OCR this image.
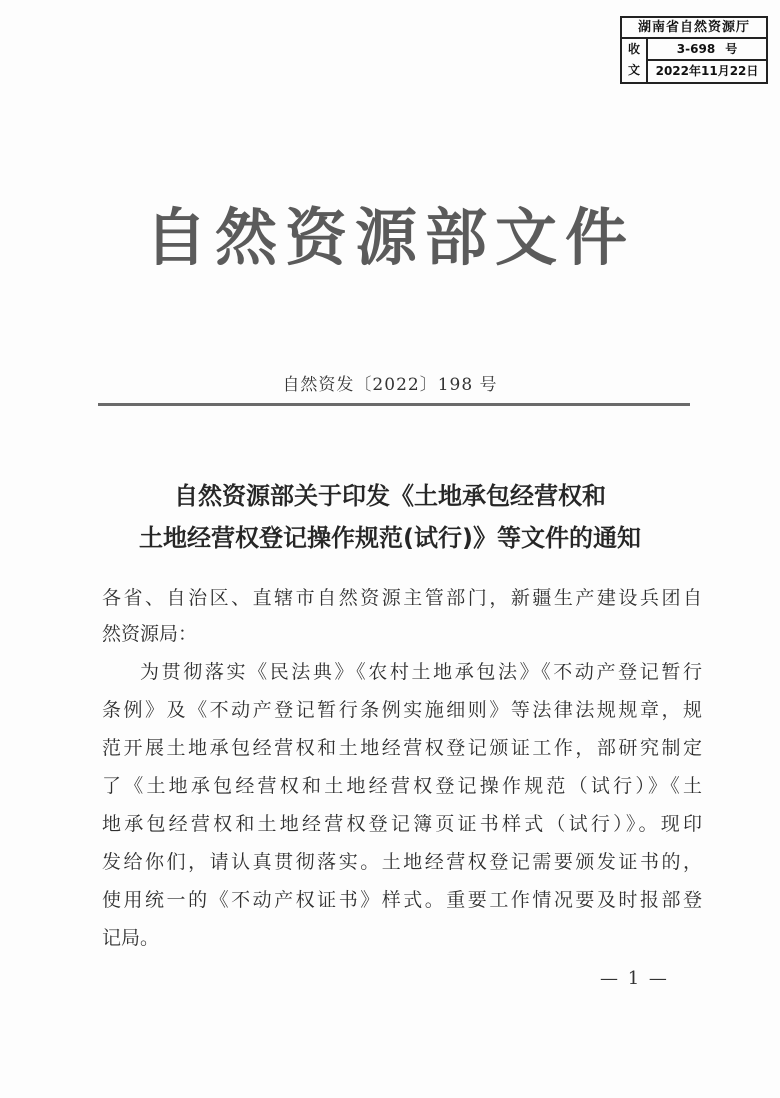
湖南省自然资源厅
收
文
3-698 号
2022年11月22日
自然资源部文件
自然资发〔2022〕198 号
自然资源部关于印发《土地承包经营权和
土地经营权登记操作规范(试行)》等文件的通知
各省、自治区、直辖市自然资源主管部门，新疆生产建设兵团自
然资源局：
为贯彻落实《民法典》《农村土地承包法》《不动产登记暂行
条例》及《不动产登记暂行条例实施细则》等法律法规规章，规
范开展土地承包经营权和土地经营权登记颁证工作，部研究制定
了《土地承包经营权和土地经营权登记操作规范（试行）》《土
地承包经营权和土地经营权登记簿页证书样式（试行）》。现印
发给你们，请认真贯彻落实。土地经营权登记需要颁发证书的，
使用统一的《不动产权证书》样式。重要工作情况要及时报部登
记局。
— 1 —
